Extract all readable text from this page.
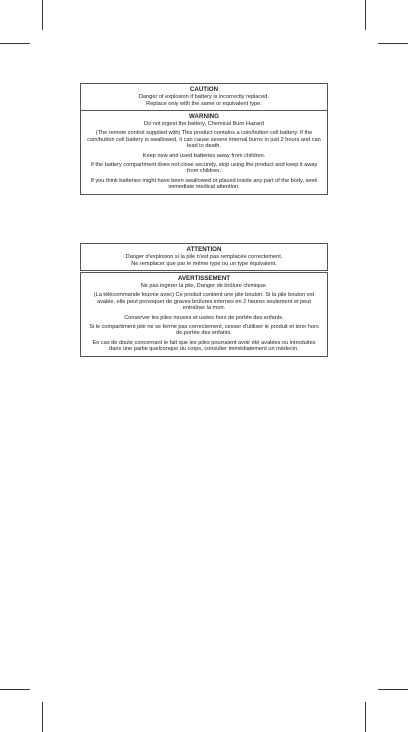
CAUTION
Danger of explosion if battery is incorrectly replaced.
Replace only with the same or equivalent type.
WARNING

Do not ingest the battery, Chemical Burn Hazard

(The remote control supplied with) This product contains a coin/button cell battery. If the coin/button cell battery is swallowed, it can cause severe internal burns in just 2 hours and can lead to death.

Keep new and used batteries away from children.

If the battery compartment does not close securely, stop using the product and keep it away from children.

If you think batteries might have been swallowed or placed inside any part of the body, seek immediate medical attention.

ATTENTION
Danger d'explosion si la pile n'est pas remplacée correctement.
Ne remplacer que par le même type ou un type équivalent.
AVERTISSEMENT

Ne pas ingérer la pile, Danger de brûlure chimique.

(La télécommande fournie avec) Ce produit contient une pile bouton. Si la pile bouton est avalée, elle peut provoquer de graves brûlures internes en 2 heures seulement et peut entraîner la mort.

Conserver les piles neuves et usées hors de portée des enfants.

Si le compartiment pile ne se ferme pas correctement, cesser d'utiliser le produit et tenir hors de portée des enfants.

En cas de doute concernant le fait que les piles pourraient avoir été avalées ou introduites dans une partie quelconque du corps, consulter immédiatement un médecin.
